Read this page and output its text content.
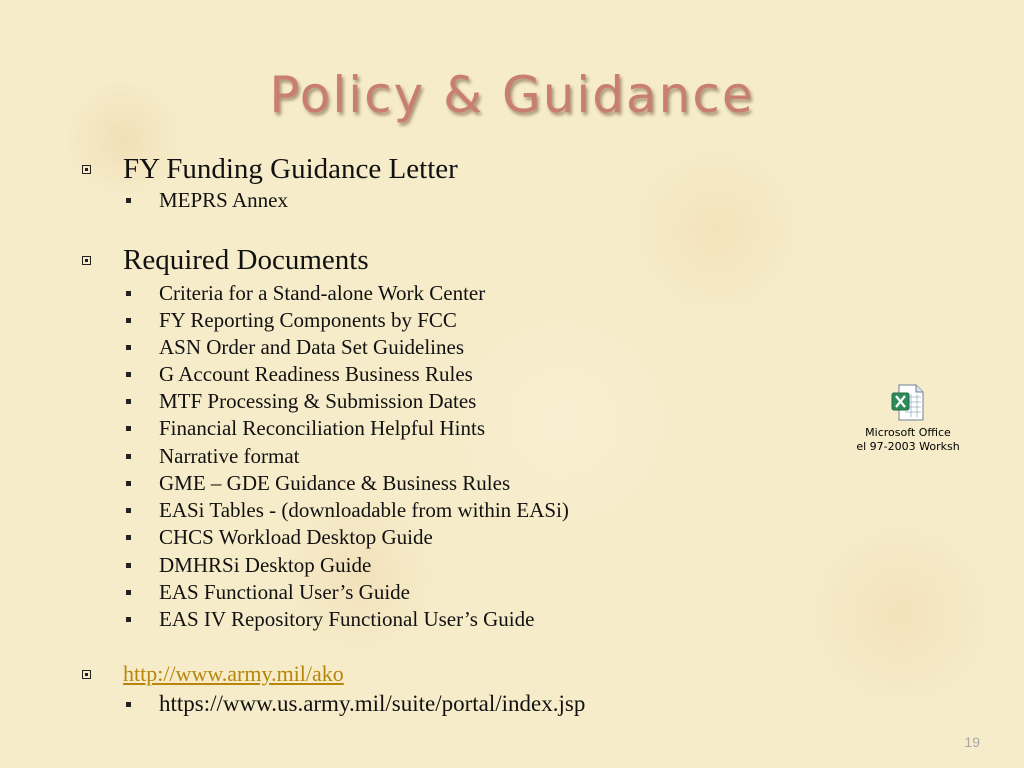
Policy & Guidance
FY Funding Guidance Letter
MEPRS Annex
Required Documents
Criteria for a Stand-alone Work Center
FY Reporting Components by FCC
ASN Order and Data Set Guidelines
G Account Readiness Business Rules
MTF Processing & Submission Dates
Financial Reconciliation Helpful Hints
Narrative format
GME – GDE Guidance & Business Rules
EASi Tables - (downloadable from within EASi)
CHCS Workload Desktop Guide
DMHRSi Desktop Guide
EAS Functional User’s Guide
EAS IV Repository Functional User’s Guide
http://www.army.mil/ako
https://www.us.army.mil/suite/portal/index.jsp
Microsoft Office
el 97-2003 Worksh
19
